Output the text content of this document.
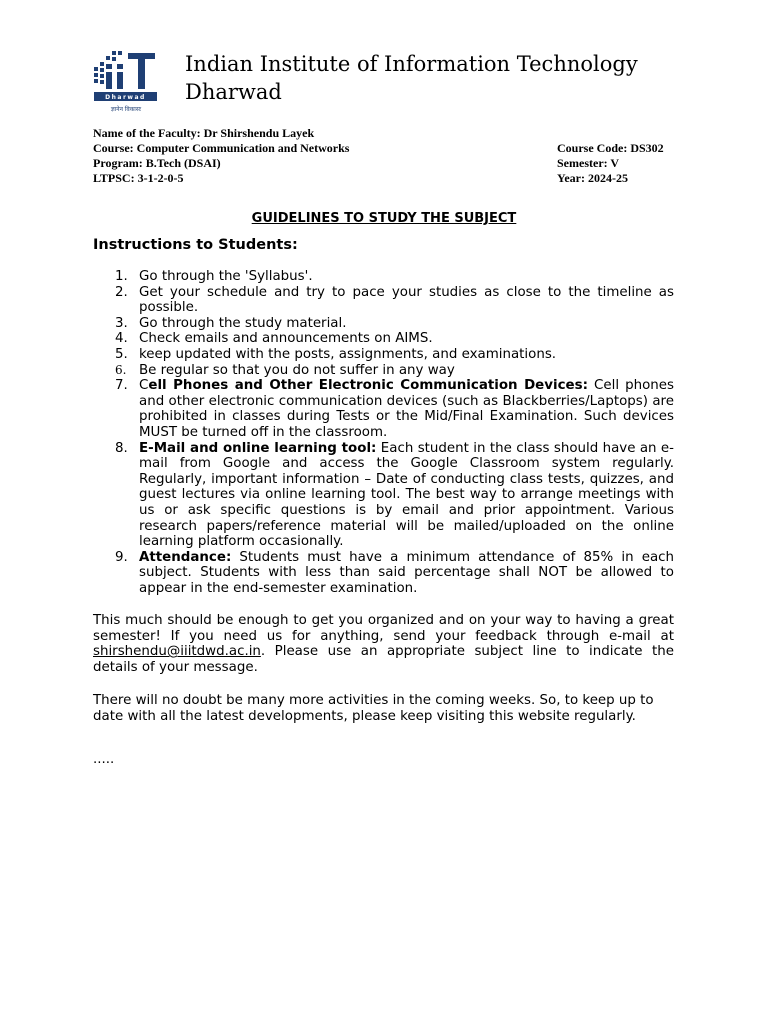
Dharwad
ज्ञानेन विकासः
Indian Institute of Information Technology
Dharwad
Name of the Faculty: Dr Shirshendu Layek
Course: Computer Communication and Networks
Program: B.Tech (DSAI)
LTPSC: 3-1-2-0-5
Course Code: DS302
Semester: V
Year: 2024-25
GUIDELINES TO STUDY THE SUBJECT
Instructions to Students:
1. Go through the 'Syllabus'.
2. Get your schedule and try to pace your studies as close to the timeline as possible.
3. Go through the study material.
4. Check emails and announcements on AIMS.
5. keep updated with the posts, assignments, and examinations.
6. Be regular so that you do not suffer in any way
7. Cell Phones and Other Electronic Communication Devices: Cell phones and other electronic communication devices (such as Blackberries/Laptops) are prohibited in classes during Tests or the Mid/Final Examination. Such devices MUST be turned off in the classroom.
8. E-Mail and online learning tool: Each student in the class should have an e-mail from Google and access the Google Classroom system regularly. Regularly, important information – Date of conducting class tests, quizzes, and guest lectures via online learning tool. The best way to arrange meetings with us or ask specific questions is by email and prior appointment. Various research papers/reference material will be mailed/uploaded on the online learning platform occasionally.
9. Attendance: Students must have a minimum attendance of 85% in each subject. Students with less than said percentage shall NOT be allowed to appear in the end-semester examination.
This much should be enough to get you organized and on your way to having a great semester! If you need us for anything, send your feedback through e-mail at shirshendu@iiitdwd.ac.in. Please use an appropriate subject line to indicate the details of your message.
There will no doubt be many more activities in the coming weeks. So, to keep up to date with all the latest developments, please keep visiting this website regularly.
.....
